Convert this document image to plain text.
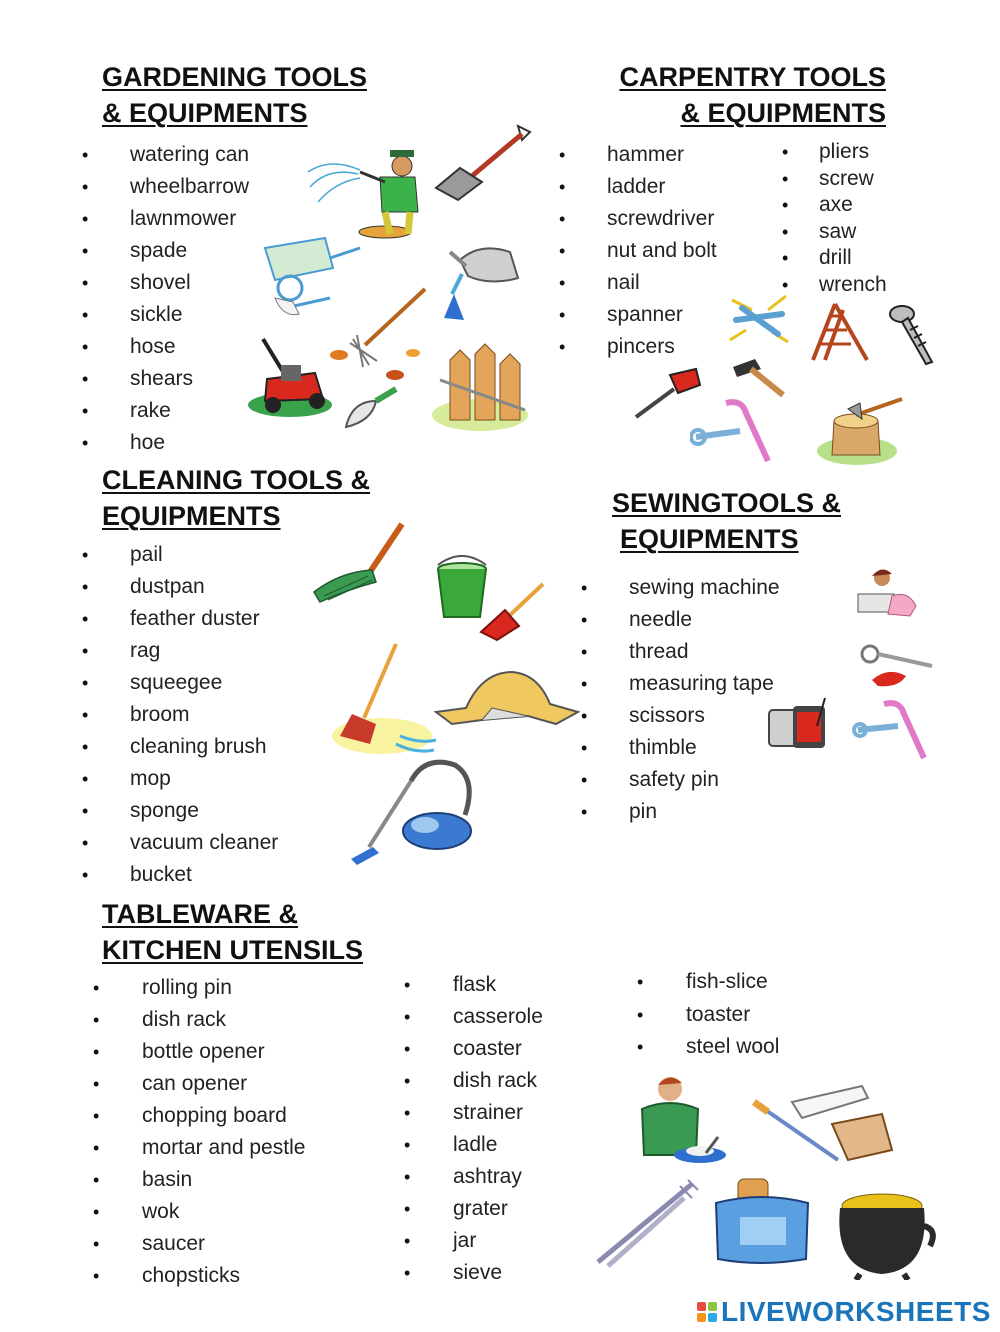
GARDENING TOOLS
& EQUIPMENTS
• watering can
• wheelbarrow
• lawnmower
• spade
• shovel
• sickle
• hose
• shears
• rake
• hoe
CARPENTRY TOOLS
& EQUIPMENTS
• hammer
• ladder
• screwdriver
• nut and bolt
• nail
• spanner
• pincers
• pliers
• screw
• axe
• saw
• drill
• wrench
CLEANING TOOLS &
EQUIPMENTS
• pail
• dustpan
• feather duster
• rag
• squeegee
• broom
• cleaning brush
• mop
• sponge
• vacuum cleaner
• bucket
SEWINGTOOLS &
EQUIPMENTS
• sewing machine
• needle
• thread
• measuring tape
• scissors
• thimble
• safety pin
• pin
TABLEWARE &
KITCHEN UTENSILS
• rolling pin
• dish rack
• bottle opener
• can opener
• chopping board
• mortar and pestle
• basin
• wok
• saucer
• chopsticks
• flask
• casserole
• coaster
• dish rack
• strainer
• ladle
• ashtray
• grater
• jar
• sieve
• fish-slice
• toaster
• steel wool
LIVEWORKSHEETS
